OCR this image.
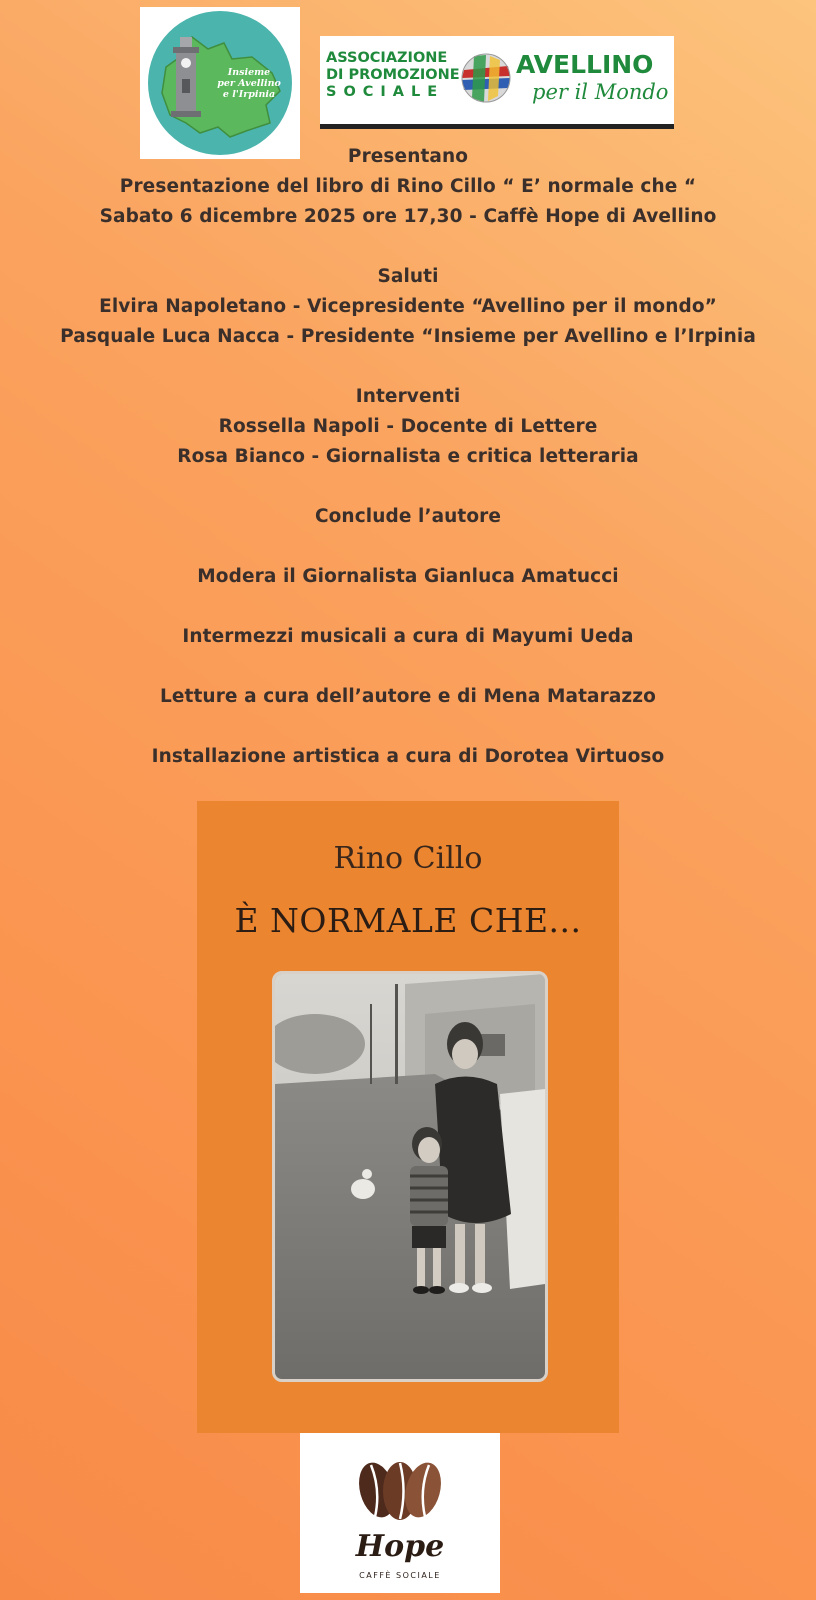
Insieme
per Avellino
e l'Irpinia
ASSOCIAZIONE
DI PROMOZIONE
SOCIALE
AVELLINO
per il Mondo
Presentano
Presentazione del libro di Rino Cillo “ E’ normale che “
Sabato 6 dicembre 2025 ore 17,30 - Caffè Hope di Avellino
Saluti
Elvira Napoletano - Vicepresidente “Avellino per il mondo”
Pasquale Luca Nacca - Presidente “Insieme per Avellino e l’Irpinia
Interventi
Rossella Napoli - Docente di Lettere
Rosa Bianco - Giornalista e critica letteraria
Conclude l’autore
Modera il Giornalista Gianluca Amatucci
Intermezzi musicali a cura di Mayumi Ueda
Letture a cura dell’autore e di Mena Matarazzo
Installazione artistica a cura di Dorotea Virtuoso
Rino Cillo
È NORMALE CHE...
Hope
CAFFÈ SOCIALE
